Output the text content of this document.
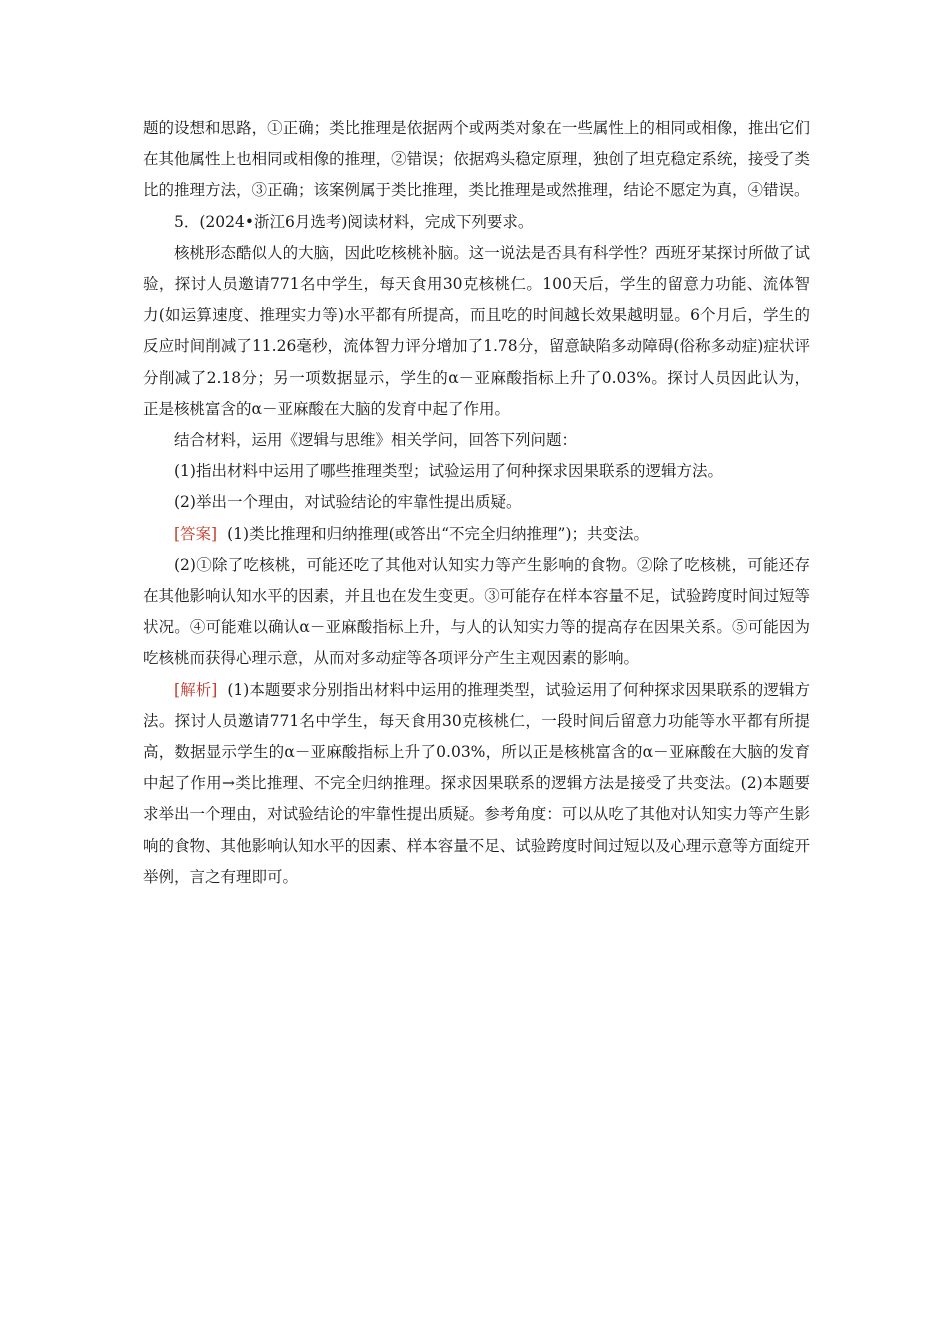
题的设想和思路，①正确；类比推理是依据两个或两类对象在一些属性上的相同或相像，推出它们在其他属性上也相同或相像的推理，②错误；依据鸡头稳定原理，独创了坦克稳定系统，接受了类比的推理方法，③正确；该案例属于类比推理，类比推理是或然推理，结论不愿定为真，④错误。

5．(2024•浙江6月选考)阅读材料，完成下列要求。

核桃形态酷似人的大脑，因此吃核桃补脑。这一说法是否具有科学性？西班牙某探讨所做了试验，探讨人员邀请771名中学生，每天食用30克核桃仁。100天后，学生的留意力功能、流体智力(如运算速度、推理实力等)水平都有所提高，而且吃的时间越长效果越明显。6个月后，学生的反应时间削减了11.26毫秒，流体智力评分增加了1.78分，留意缺陷多动障碍(俗称多动症)症状评分削减了2.18分；另一项数据显示，学生的α－亚麻酸指标上升了0.03%。探讨人员因此认为，正是核桃富含的α－亚麻酸在大脑的发育中起了作用。

结合材料，运用《逻辑与思维》相关学问，回答下列问题：

(1)指出材料中运用了哪些推理类型；试验运用了何种探求因果联系的逻辑方法。

(2)举出一个理由，对试验结论的牢靠性提出质疑。

[答案] (1)类比推理和归纳推理(或答出“不完全归纳推理”)；共变法。

(2)①除了吃核桃，可能还吃了其他对认知实力等产生影响的食物。②除了吃核桃，可能还存在其他影响认知水平的因素，并且也在发生变更。③可能存在样本容量不足，试验跨度时间过短等状况。④可能难以确认α－亚麻酸指标上升，与人的认知实力等的提高存在因果关系。⑤可能因为吃核桃而获得心理示意，从而对多动症等各项评分产生主观因素的影响。

[解析] (1)本题要求分别指出材料中运用的推理类型，试验运用了何种探求因果联系的逻辑方法。探讨人员邀请771名中学生，每天食用30克核桃仁，一段时间后留意力功能等水平都有所提高，数据显示学生的α－亚麻酸指标上升了0.03%，所以正是核桃富含的α－亚麻酸在大脑的发育中起了作用→类比推理、不完全归纳推理。探求因果联系的逻辑方法是接受了共变法。(2)本题要求举出一个理由，对试验结论的牢靠性提出质疑。参考角度：可以从吃了其他对认知实力等产生影响的食物、其他影响认知水平的因素、样本容量不足、试验跨度时间过短以及心理示意等方面绽开举例，言之有理即可。
